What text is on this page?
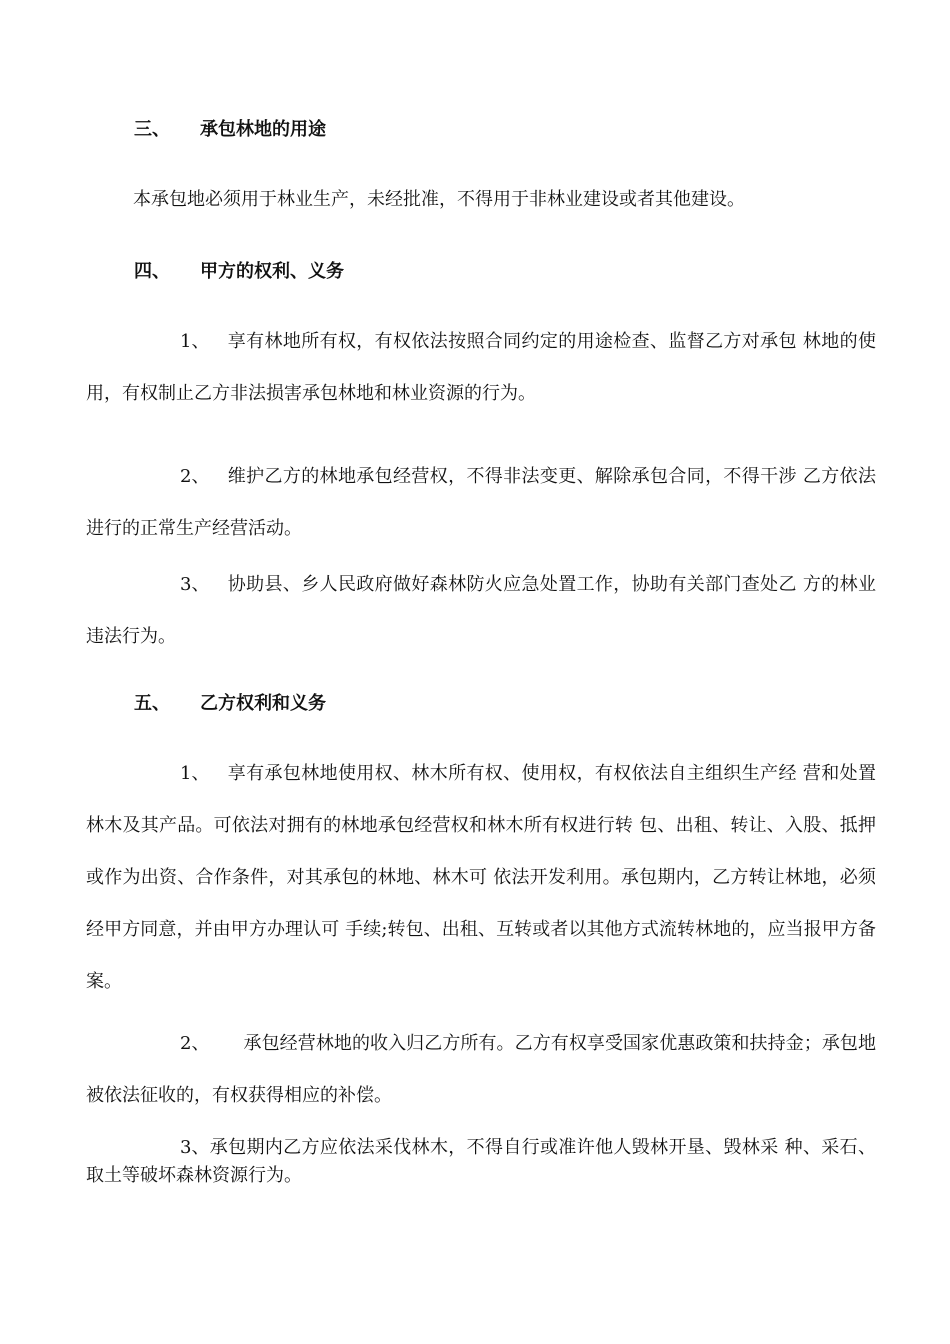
三、 承包林地的用途
本承包地必须用于林业生产，未经批准，不得用于非林业建设或者其他建设。
四、 甲方的权利、义务
1、 享有林地所有权，有权依法按照合同约定的用途检查、监督乙方对承包 林地的使用，有权制止乙方非法损害承包林地和林业资源的行为。
2、 维护乙方的林地承包经营权，不得非法变更、解除承包合同，不得干涉 乙方依法进行的正常生产经营活动。
3、 协助县、乡人民政府做好森林防火应急处置工作，协助有关部门查处乙 方的林业违法行为。
五、 乙方权利和义务
1、 享有承包林地使用权、林木所有权、使用权，有权依法自主组织生产经 营和处置林木及其产品。可依法对拥有的林地承包经营权和林木所有权进行转 包、出租、转让、入股、抵押或作为出资、合作条件，对其承包的林地、林木可 依法开发利用。承包期内，乙方转让林地，必须经甲方同意，并由甲方办理认可 手续;转包、出租、互转或者以其他方式流转林地的，应当报甲方备案。
2、 承包经营林地的收入归乙方所有。乙方有权享受国家优惠政策和扶持金；承包地被依法征收的，有权获得相应的补偿。
3、承包期内乙方应依法采伐林木，不得自行或准许他人毁林开垦、毁林采 种、采石、取土等破坏森林资源行为。
